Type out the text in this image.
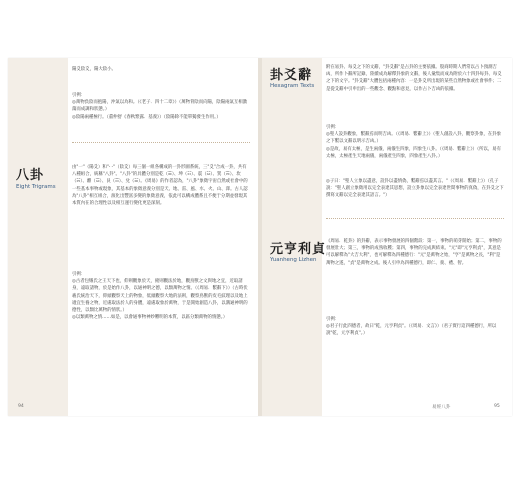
陽爻陰爻，陽大陰小。
引例：
◎萬物負陰而抱陽，沖氣以為和。（《老子．四十二章》）（萬物背陰而向陽，陰陽兩氣互相激蕩而成調和狀態。）
◎陰陽兩種極行。（董仲舒《春秋繁露．基義》）（陰陽除不能單獨發生作用。）
八卦
Eight Trigrams
由"一"（陽爻）和"- -"（陰爻）每三個一組各構成的一卦形圖系統，三"爻"合成一卦，共有八種組合，統稱"八卦"。"八卦"的具體分別是乾（☰）、坤（☷）、震（☳）、巽（☴）、坎（☵）、離（☲）、艮（☶）、兌（☱）。《周易》的作者認為，"八卦"象徵宇宙自然或社會中的一些基本事物或現象，其基本的象徵意義分別是天、地、雷、風、水、火、山、澤。古人認為"八卦"相互組合，演化出豐富多變的象徵意義，依此可以構成體系且不便于分期並發現其本質內在的合理性以及相互運行變化更是深刻。
引例：
◎古者包犧氏之王天下也，仰則觀象於天，俯則觀法於地，觀鳥獸之文與地之宜，近取諸身，遠取諸物，於是始作八卦，以通神明之德，以類萬物之情。（《周易．繫辭下》）（古時伏羲氏統治天下，仰頭觀察天上的物象，低頭觀察大地的法則，觀察鳥獸的皮毛紋理以及地上適宜生養之物，近處取法於人的身體，遠處取象於萬物，于是開始創造八卦，以溝通神明的德性，以類比萬物的情狀。）
◎以類萬物之情……如是，以會通事物神妙難明的本質，以區分類萬物的情態。）
94
卦爻辭
Hexagram Texts
附在易卦、每爻之下的文辭，"卦爻辭"是占卦的主要依據。殷商時期人們常以占卜預測吉凶，所作卜辭所記錄，陸續成為解釋卦象的文辭，後人彙集而成為附於六十四卦每卦、每爻之下的文字。"卦爻辭"大體包括兩種內容：一是卦爻所出現的某些自然物象或社會事件；二是從爻辭中引申出的一些觀念、觀點和意見，以作占卜吉凶的依據。
引例：
◎聖人設卦觀象，繫辭焉而明吉凶。（《周易．繫辭上》）（聖人創設八卦，觀察卦象，在卦象之下繫以文辭以明示吉凶。）
◎是故，易有太極，是生兩儀，兩儀生四象，四象生八卦。（《周易．繫辭上》）（所以，易有太極，太極產生天地兩儀，兩儀產生四象，四象產生八卦。）
◎子曰："聖人立象以盡意，設卦以盡情偽，繫辭焉以盡其言。"（《周易．繫辭上》）（孔子說："聖人創立象徵用以完全表達其思想，設立卦象以完全表達世間事物的真偽，在卦爻之下撰寫文辭以完全表達其語言。"）
元亨利貞
Yuanheng Lizhen
《周易．乾卦》的卦辭，表示事物發展的四個階段：第一，事物的萌芽開始；第二，事物的發展壯大；第三，事物的成熟收穫；第四，事物的完成與結束。"元"即"元亨利貞"，其意是可以解釋為"大吉大利"，也可解釋為四種德行："元"是萬物之始，"亨"是萬物之長，"利"是萬物之遂，"貞"是萬物之成。後人引申為四種德行，即仁、義、禮、智。
引例：
◎君子行此四德者，故曰"乾，元亨利貞"。（《周易．文言》）（君子實行這四種德行，所以說"乾，元亨利貞"。）
易經八卦	95
